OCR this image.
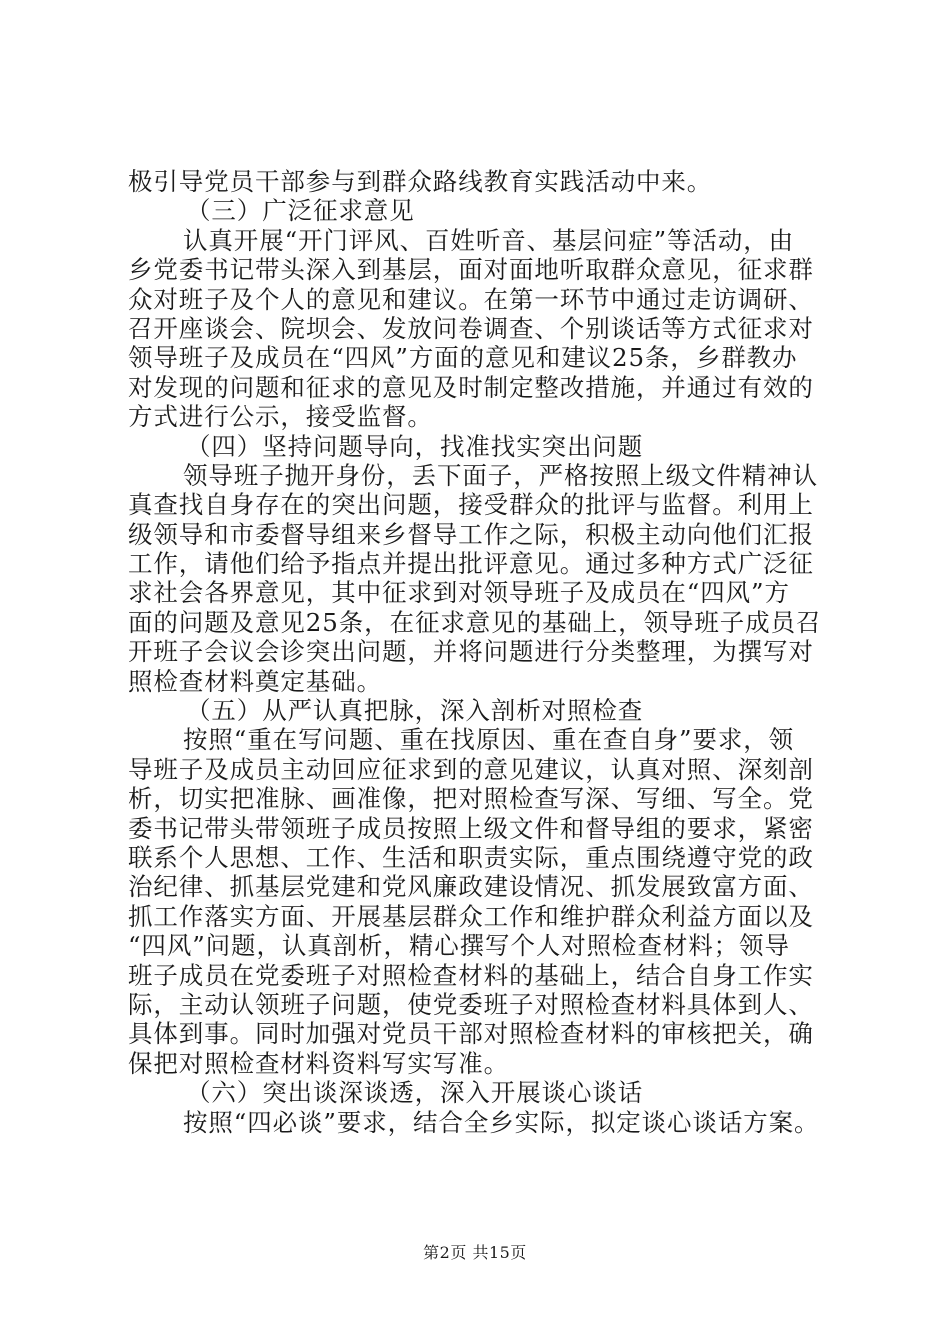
极引导党员干部参与到群众路线教育实践活动中来。
（三）广泛征求意见
认真开展“开门评风、百姓听音、基层问症”等活动，由
乡党委书记带头深入到基层，面对面地听取群众意见，征求群
众对班子及个人的意见和建议。在第一环节中通过走访调研、
召开座谈会、院坝会、发放问卷调查、个别谈话等方式征求对
领导班子及成员在“四风”方面的意见和建议25条，乡群教办
对发现的问题和征求的意见及时制定整改措施，并通过有效的
方式进行公示，接受监督。
（四）坚持问题导向，找准找实突出问题
领导班子抛开身份，丢下面子，严格按照上级文件精神认
真查找自身存在的突出问题，接受群众的批评与监督。利用上
级领导和市委督导组来乡督导工作之际，积极主动向他们汇报
工作，请他们给予指点并提出批评意见。通过多种方式广泛征
求社会各界意见，其中征求到对领导班子及成员在“四风”方
面的问题及意见25条，在征求意见的基础上，领导班子成员召
开班子会议会诊突出问题，并将问题进行分类整理，为撰写对
照检查材料奠定基础。
（五）从严认真把脉，深入剖析对照检查
按照“重在写问题、重在找原因、重在查自身”要求，领
导班子及成员主动回应征求到的意见建议，认真对照、深刻剖
析，切实把准脉、画准像，把对照检查写深、写细、写全。党
委书记带头带领班子成员按照上级文件和督导组的要求，紧密
联系个人思想、工作、生活和职责实际，重点围绕遵守党的政
治纪律、抓基层党建和党风廉政建设情况、抓发展致富方面、
抓工作落实方面、开展基层群众工作和维护群众利益方面以及
“四风”问题，认真剖析，精心撰写个人对照检查材料；领导
班子成员在党委班子对照检查材料的基础上，结合自身工作实
际，主动认领班子问题，使党委班子对照检查材料具体到人、
具体到事。同时加强对党员干部对照检查材料的审核把关，确
保把对照检查材料资料写实写准。
（六）突出谈深谈透，深入开展谈心谈话
按照“四必谈”要求，结合全乡实际，拟定谈心谈话方案。
第2页 共15页
